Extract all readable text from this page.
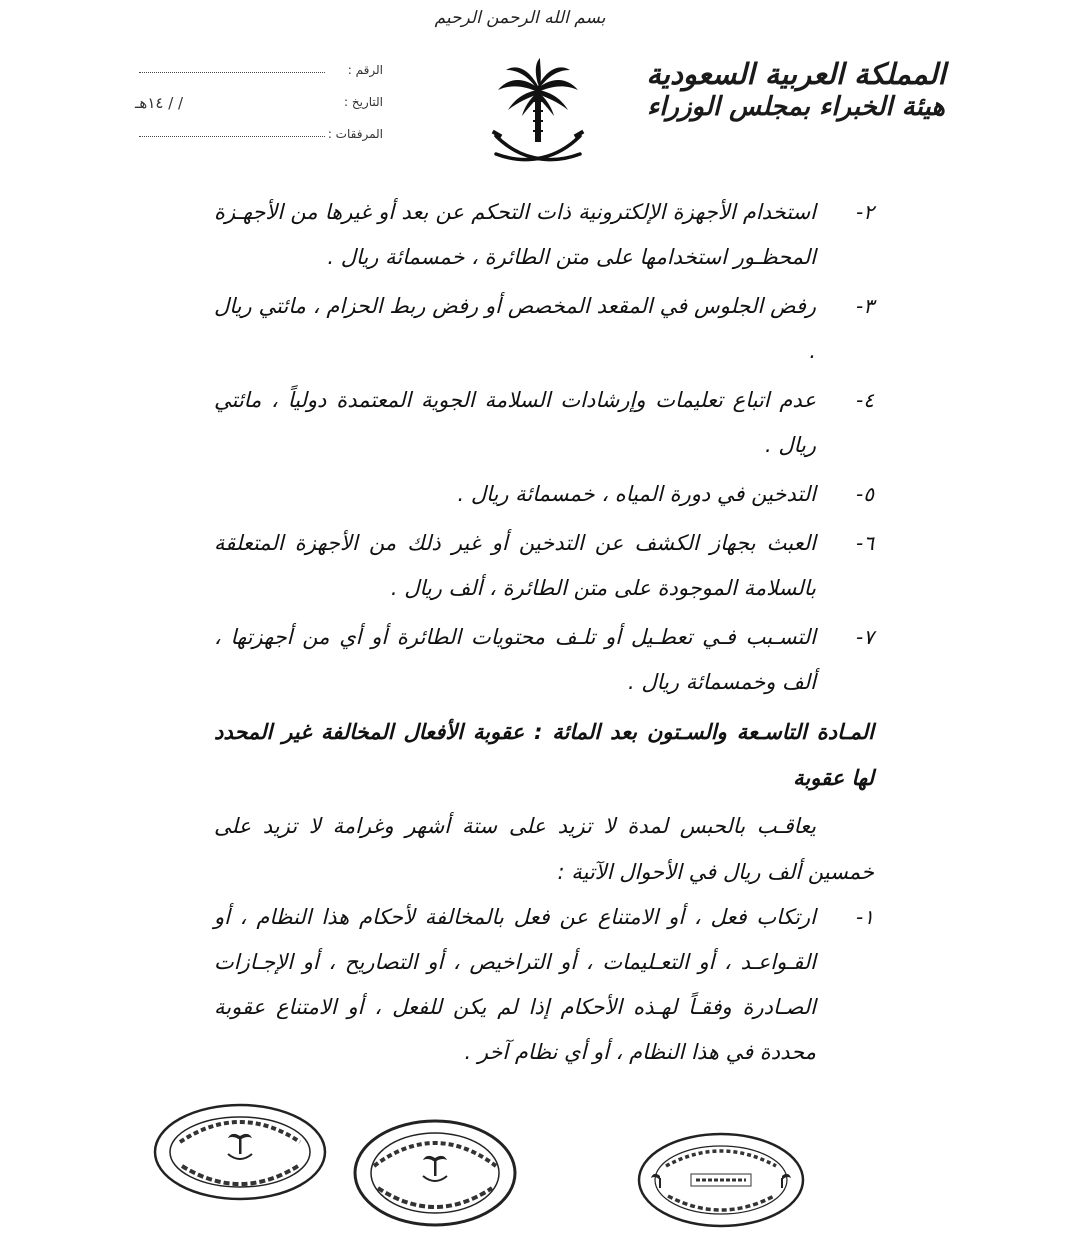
بسم الله الرحمن الرحيم
المملكة العربية السعودية
هيئة الخبراء بمجلس الوزراء
الرقم :
التاريخ :
١٤هـ / /
المرفقات :
٢-
استخدام الأجهزة الإلكترونية ذات التحكم عن بعد أو غيرها من الأجهـزة المحظـور استخدامها على متن الطائرة ، خمسمائة ريال .
٣-
رفض الجلوس في المقعد المخصص أو رفض ربط الحزام ، مائتي ريال .
٤-
عدم اتباع تعليمات وإرشادات السلامة الجوية المعتمدة دولياً ، مائتي ريال .
٥-
التدخين في دورة المياه ، خمسمائة ريال .
٦-
العبث بجهاز الكشف عن التدخين أو غير ذلك من الأجهزة المتعلقة بالسلامة الموجودة على متن الطائرة ، ألف ريال .
٧-
التسـبب فـي تعطـيل أو تلـف محتويات الطائرة أو أي من أجهزتها ، ألف وخمسمائة ريال .
المـادة التاسـعة والسـتون بعد المائة : عقوبة الأفعال المخالفة غير المحدد لها عقوبة
يعاقـب بالحبس لمدة لا تزيد على ستة أشهر وغرامة لا تزيد على خمسين ألف ريال في الأحوال الآتية :
١-
ارتكاب فعل ، أو الامتناع عن فعل بالمخالفة لأحكام هذا النظام ، أو القـواعـد ، أو التعـليمات ، أو التراخيص ، أو التصاريح ، أو الإجـازات الصـادرة وفقـاً لهـذه الأحكام إذا لم يكن للفعل ، أو الامتناع عقوبة محددة في هذا النظام ، أو أي نظام آخر .
